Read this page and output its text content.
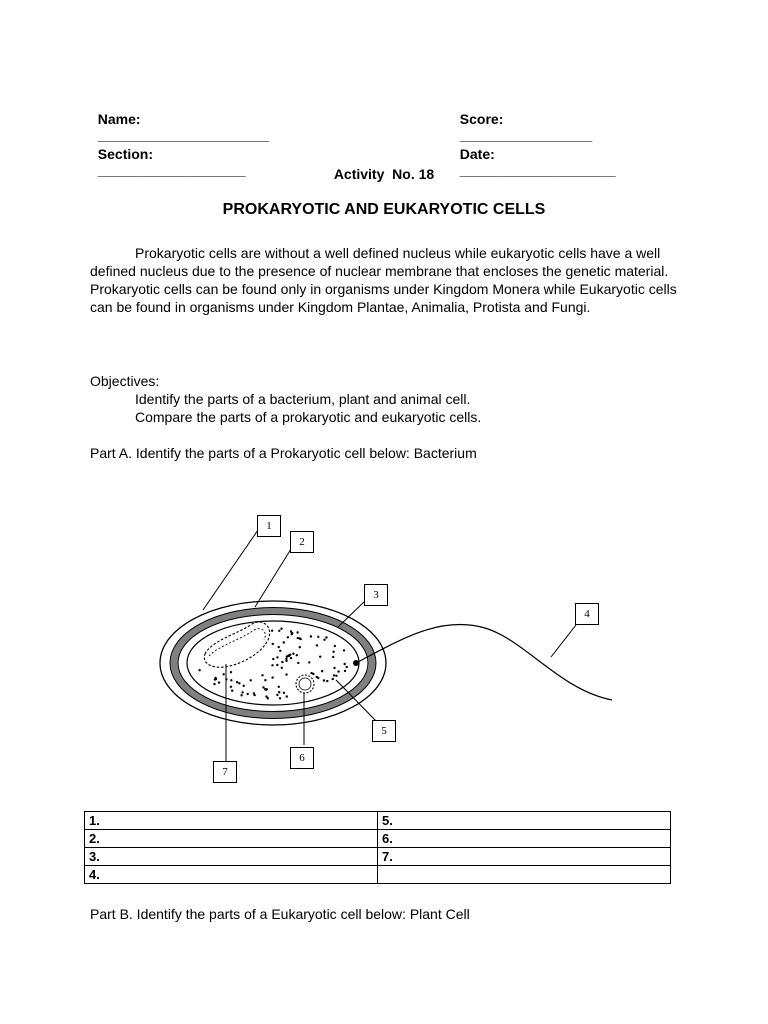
Name:
______________________

Score:
_________________

Section:
___________________

Date:
____________________

Activity  No. 18
PROKARYOTIC AND EUKARYOTIC CELLS
Prokaryotic cells are without a well defined nucleus while eukaryotic cells have a well defined nucleus due to the presence of nuclear membrane that encloses the genetic material. Prokaryotic cells can be found only in organisms under Kingdom Monera while Eukaryotic cells can be found in organisms under Kingdom Plantae, Animalia, Protista and Fungi.
Objectives:
Identify the parts of a bacterium, plant and animal cell.
Compare the parts of a prokaryotic and eukaryotic cells.
Part A. Identify the parts of a Prokaryotic cell below: Bacterium
1
2
3
4
5
6
7
1.	5.
2.	6.
3.	7.
4.	
Part B. Identify the parts of a Eukaryotic cell below: Plant Cell
